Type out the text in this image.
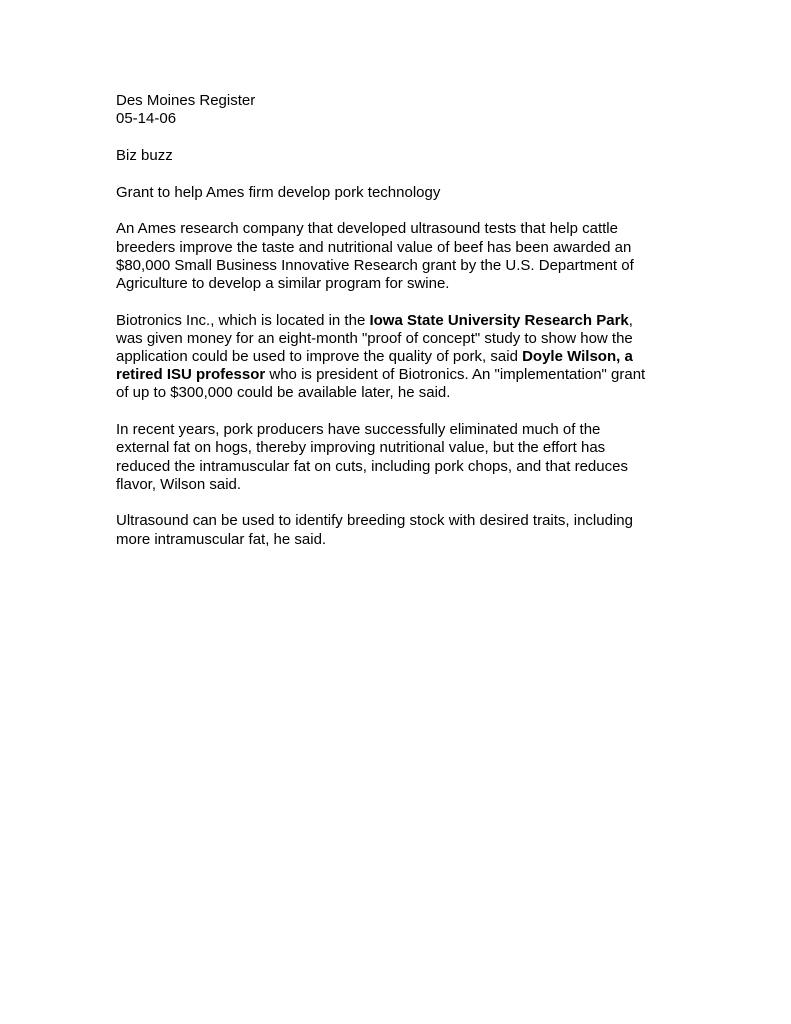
Des Moines Register
05-14-06
Biz buzz
Grant to help Ames firm develop pork technology
An Ames research company that developed ultrasound tests that help cattle
breeders improve the taste and nutritional value of beef has been awarded an
$80,000 Small Business Innovative Research grant by the U.S. Department of
Agriculture to develop a similar program for swine.
Biotronics Inc., which is located in the Iowa State University Research Park,
was given money for an eight-month "proof of concept" study to show how the
application could be used to improve the quality of pork, said Doyle Wilson, a
retired ISU professor who is president of Biotronics. An "implementation" grant
of up to $300,000 could be available later, he said.
In recent years, pork producers have successfully eliminated much of the
external fat on hogs, thereby improving nutritional value, but the effort has
reduced the intramuscular fat on cuts, including pork chops, and that reduces
flavor, Wilson said.
Ultrasound can be used to identify breeding stock with desired traits, including
more intramuscular fat, he said.
